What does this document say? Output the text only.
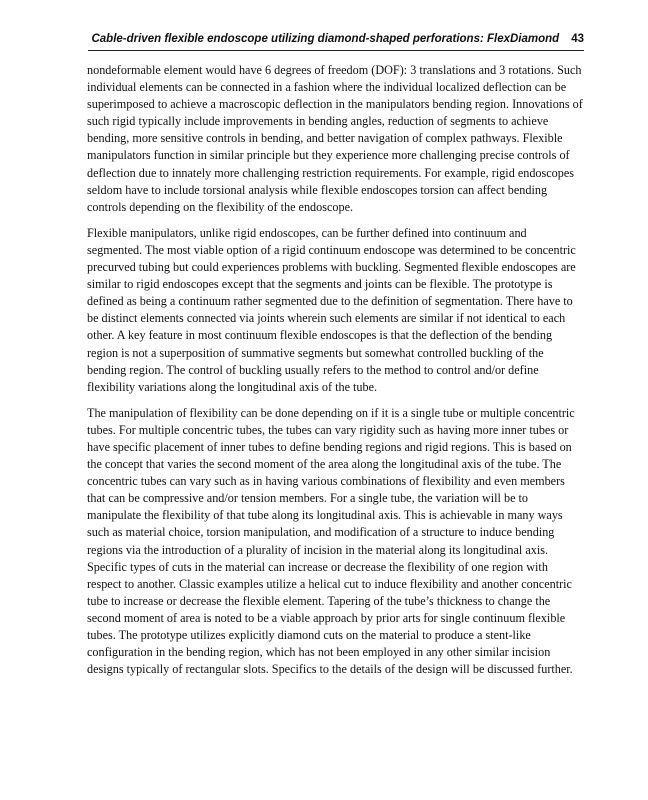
Cable-driven flexible endoscope utilizing diamond-shaped perforations: FlexDiamond 43

nondeformable element would have 6 degrees of freedom (DOF): 3 translations and 3 rotations. Such individual elements can be connected in a fashion where the individual localized deflection can be superimposed to achieve a macroscopic deflection in the manipulators bending region. Innovations of such rigid typically include improvements in bending angles, reduction of segments to achieve bending, more sensitive controls in bending, and better navigation of complex pathways. Flexible manipulators function in similar principle but they experience more challenging precise controls of deflection due to innately more challenging restriction requirements. For example, rigid endoscopes seldom have to include torsional analysis while flexible endoscopes torsion can affect bending controls depending on the flexibility of the endoscope.

Flexible manipulators, unlike rigid endoscopes, can be further defined into continuum and segmented. The most viable option of a rigid continuum endoscope was determined to be concentric precurved tubing but could experiences problems with buckling. Segmented flexible endoscopes are similar to rigid endoscopes except that the segments and joints can be flexible. The prototype is defined as being a continuum rather segmented due to the definition of segmentation. There have to be distinct elements connected via joints wherein such elements are similar if not identical to each other. A key feature in most continuum flexible endoscopes is that the deflection of the bending region is not a superposition of summative segments but somewhat controlled buckling of the bending region. The control of buckling usually refers to the method to control and/or define flexibility variations along the longitudinal axis of the tube.

The manipulation of flexibility can be done depending on if it is a single tube or multiple concentric tubes. For multiple concentric tubes, the tubes can vary rigidity such as having more inner tubes or have specific placement of inner tubes to define bending regions and rigid regions. This is based on the concept that varies the second moment of the area along the longitudinal axis of the tube. The concentric tubes can vary such as in having various combinations of flexibility and even members that can be compressive and/or tension members. For a single tube, the variation will be to manipulate the flexibility of that tube along its longitudinal axis. This is achievable in many ways such as material choice, torsion manipulation, and modification of a structure to induce bending regions via the introduction of a plurality of incision in the material along its longitudinal axis. Specific types of cuts in the material can increase or decrease the flexibility of one region with respect to another. Classic examples utilize a helical cut to induce flexibility and another concentric tube to increase or decrease the flexible element. Tapering of the tube’s thickness to change the second moment of area is noted to be a viable approach by prior arts for single continuum flexible tubes. The prototype utilizes explicitly diamond cuts on the material to produce a stent-like configuration in the bending region, which has not been employed in any other similar incision designs typically of rectangular slots. Specifics to the details of the design will be discussed further.
